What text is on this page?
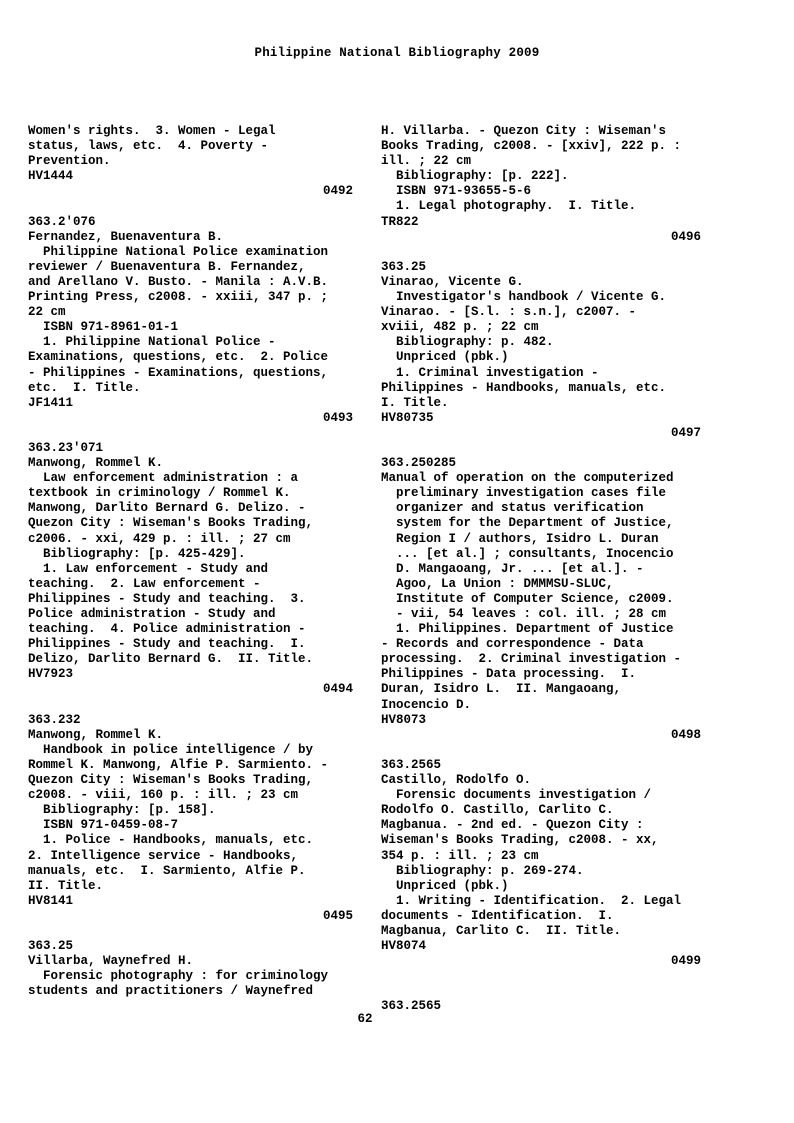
Philippine National Bibliography 2009
Women's rights.  3. Women - Legal
status, laws, etc.  4. Poverty -
Prevention.
HV1444
0492
363.2'076
Fernandez, Buenaventura B.
Philippine National Police examination
reviewer / Buenaventura B. Fernandez,
and Arellano V. Busto. - Manila : A.V.B.
Printing Press, c2008. - xxiii, 347 p. ;
22 cm
ISBN 971-8961-01-1
1. Philippine National Police -
Examinations, questions, etc.  2. Police
- Philippines - Examinations, questions,
etc.  I. Title.
JF1411
0493
363.23'071
Manwong, Rommel K.
Law enforcement administration : a
textbook in criminology / Rommel K.
Manwong, Darlito Bernard G. Delizo. -
Quezon City : Wiseman's Books Trading,
c2006. - xxi, 429 p. : ill. ; 27 cm
Bibliography: [p. 425-429].
1. Law enforcement - Study and
teaching.  2. Law enforcement -
Philippines - Study and teaching.  3.
Police administration - Study and
teaching.  4. Police administration -
Philippines - Study and teaching.  I.
Delizo, Darlito Bernard G.  II. Title.
HV7923
0494
363.232
Manwong, Rommel K.
Handbook in police intelligence / by
Rommel K. Manwong, Alfie P. Sarmiento. -
Quezon City : Wiseman's Books Trading,
c2008. - viii, 160 p. : ill. ; 23 cm
Bibliography: [p. 158].
ISBN 971-0459-08-7
1. Police - Handbooks, manuals, etc.
2. Intelligence service - Handbooks,
manuals, etc.  I. Sarmiento, Alfie P.
II. Title.
HV8141
0495
363.25
Villarba, Waynefred H.
Forensic photography : for criminology
students and practitioners / Waynefred
H. Villarba. - Quezon City : Wiseman's
Books Trading, c2008. - [xxiv], 222 p. :
ill. ; 22 cm
Bibliography: [p. 222].
ISBN 971-93655-5-6
1. Legal photography.  I. Title.
TR822
0496
363.25
Vinarao, Vicente G.
Investigator's handbook / Vicente G.
Vinarao. - [S.l. : s.n.], c2007. -
xviii, 482 p. ; 22 cm
Bibliography: p. 482.
Unpriced (pbk.)
1. Criminal investigation -
Philippines - Handbooks, manuals, etc.
I. Title.
HV80735
0497
363.250285
Manual of operation on the computerized
preliminary investigation cases file
organizer and status verification
system for the Department of Justice,
Region I / authors, Isidro L. Duran
... [et al.] ; consultants, Inocencio
D. Mangaoang, Jr. ... [et al.]. -
Agoo, La Union : DMMMSU-SLUC,
Institute of Computer Science, c2009.
- vii, 54 leaves : col. ill. ; 28 cm
1. Philippines. Department of Justice
- Records and correspondence - Data
processing.  2. Criminal investigation -
Philippines - Data processing.  I.
Duran, Isidro L.  II. Mangaoang,
Inocencio D.
HV8073
0498
363.2565
Castillo, Rodolfo O.
Forensic documents investigation /
Rodolfo O. Castillo, Carlito C.
Magbanua. - 2nd ed. - Quezon City :
Wiseman's Books Trading, c2008. - xx,
354 p. : ill. ; 23 cm
Bibliography: p. 269-274.
Unpriced (pbk.)
1. Writing - Identification.  2. Legal
documents - Identification.  I.
Magbanua, Carlito C.  II. Title.
HV8074
0499
363.2565
62
